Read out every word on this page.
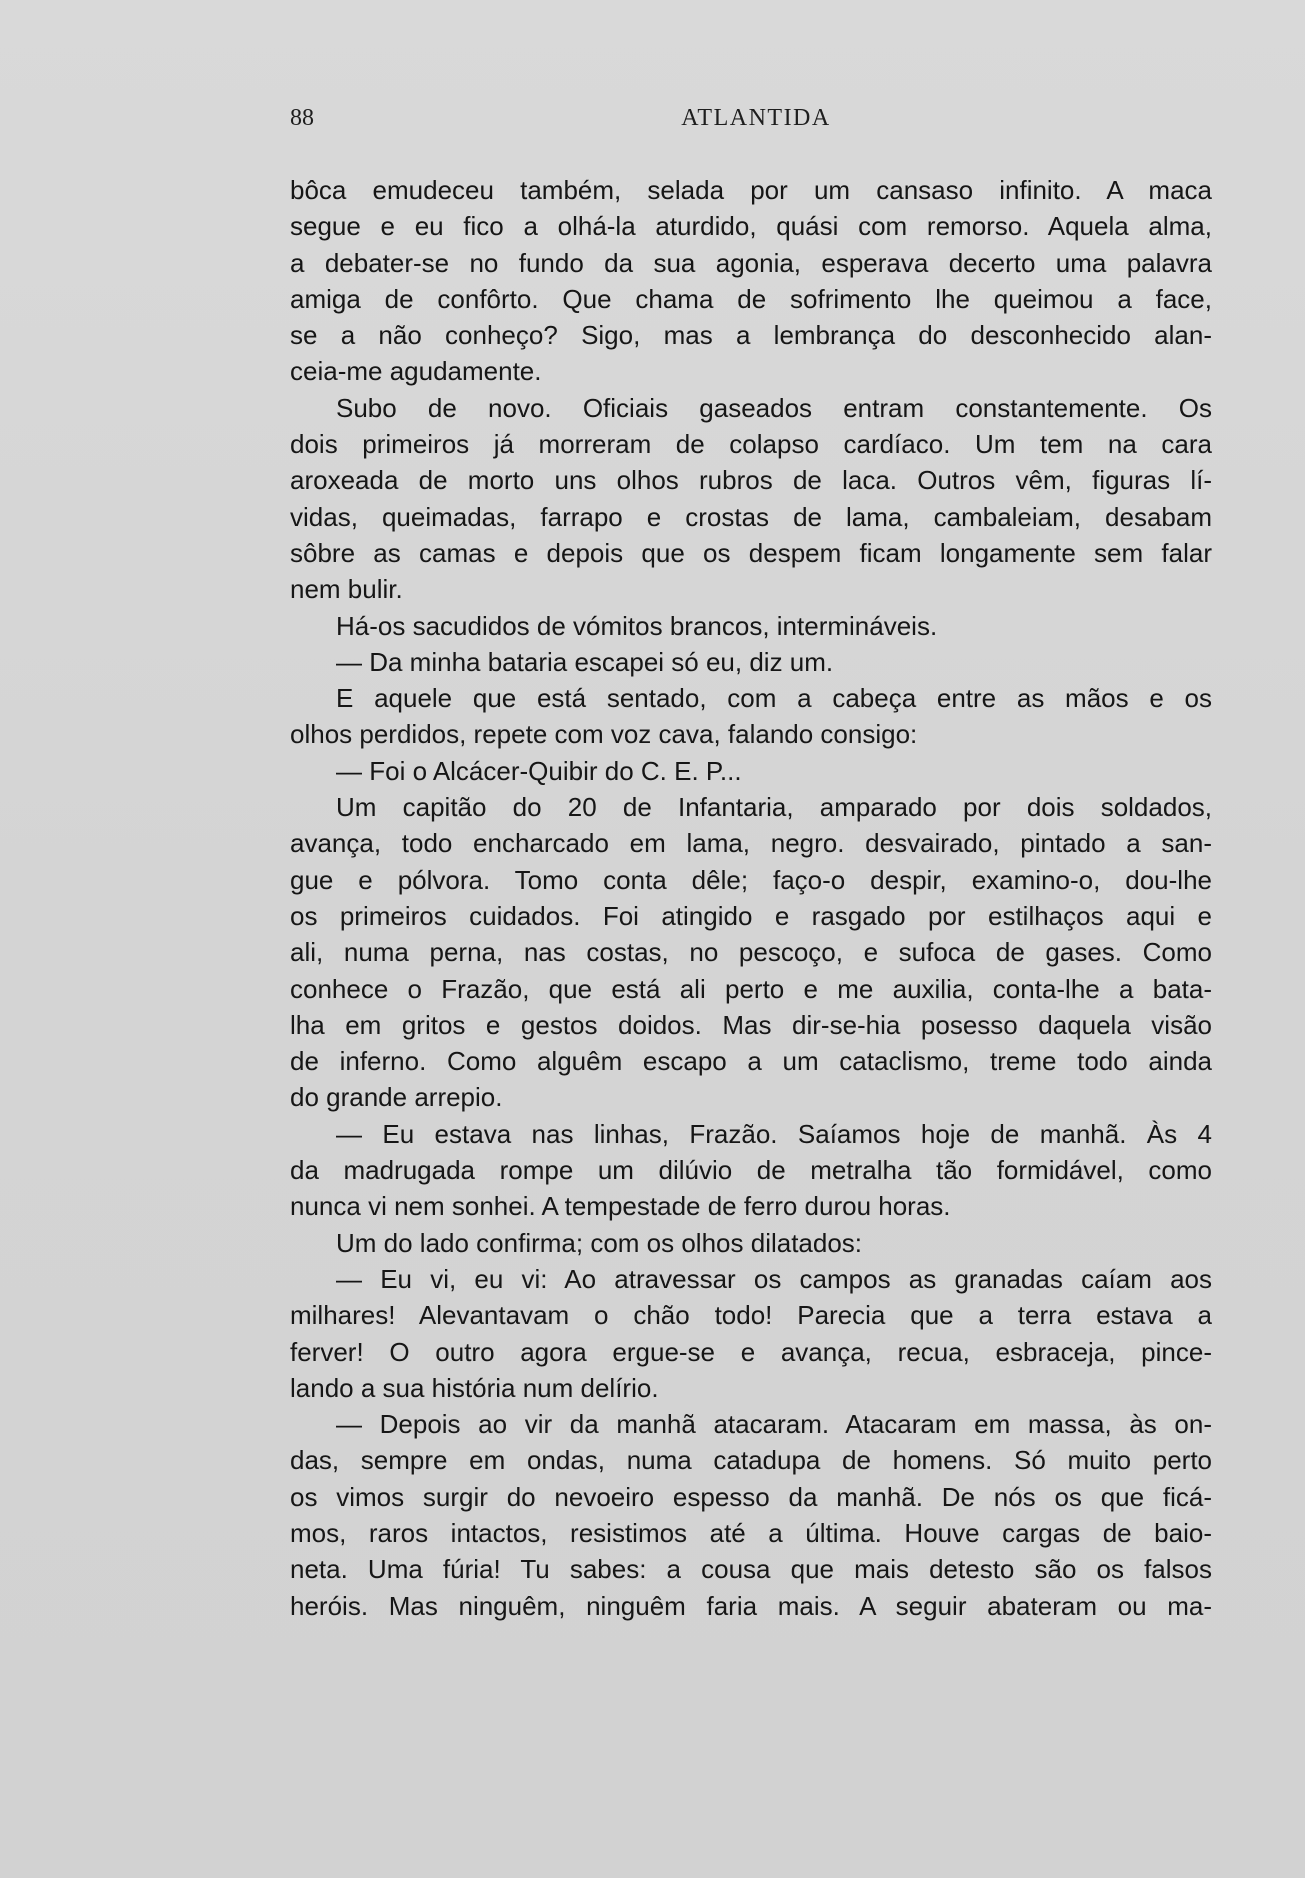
88	ATLANTIDA
bôca emudeceu também, selada por um cansaso infinito. A maca
segue e eu fico a olhá-la aturdido, quási com remorso. Aquela alma,
a debater-se no fundo da sua agonia, esperava decerto uma palavra
amiga de confôrto. Que chama de sofrimento lhe queimou a face,
se a não conheço? Sigo, mas a lembrança do desconhecido alan-
ceia-me agudamente.
Subo de novo. Oficiais gaseados entram constantemente. Os
dois primeiros já morreram de colapso cardíaco. Um tem na cara
aroxeada de morto uns olhos rubros de laca. Outros vêm, figuras lí-
vidas, queimadas, farrapo e crostas de lama, cambaleiam, desabam
sôbre as camas e depois que os despem ficam longamente sem falar
nem bulir.
Há-os sacudidos de vómitos brancos, intermináveis.
— Da minha bataria escapei só eu, diz um.
E aquele que está sentado, com a cabeça entre as mãos e os
olhos perdidos, repete com voz cava, falando consigo:
— Foi o Alcácer-Quibir do C. E. P...
Um capitão do 20 de Infantaria, amparado por dois soldados,
avança, todo encharcado em lama, negro. desvairado, pintado a san-
gue e pólvora. Tomo conta dêle; faço-o despir, examino-o, dou-lhe
os primeiros cuidados. Foi atingido e rasgado por estilhaços aqui e
ali, numa perna, nas costas, no pescoço, e sufoca de gases. Como
conhece o Frazão, que está ali perto e me auxilia, conta-lhe a bata-
lha em gritos e gestos doidos. Mas dir-se-hia posesso daquela visão
de inferno. Como alguêm escapo a um cataclismo, treme todo ainda
do grande arrepio.
— Eu estava nas linhas, Frazão. Saíamos hoje de manhã. Às 4
da madrugada rompe um dilúvio de metralha tão formidável, como
nunca vi nem sonhei. A tempestade de ferro durou horas.
Um do lado confirma; com os olhos dilatados:
— Eu vi, eu vi: Ao atravessar os campos as granadas caíam aos
milhares! Alevantavam o chão todo! Parecia que a terra estava a
ferver! O outro agora ergue-se e avança, recua, esbraceja, pince-
lando a sua história num delírio.
— Depois ao vir da manhã atacaram. Atacaram em massa, às on-
das, sempre em ondas, numa catadupa de homens. Só muito perto
os vimos surgir do nevoeiro espesso da manhã. De nós os que ficá-
mos, raros intactos, resistimos até a última. Houve cargas de baio-
neta. Uma fúria! Tu sabes: a cousa que mais detesto são os falsos
heróis. Mas ninguêm, ninguêm faria mais. A seguir abateram ou ma-
